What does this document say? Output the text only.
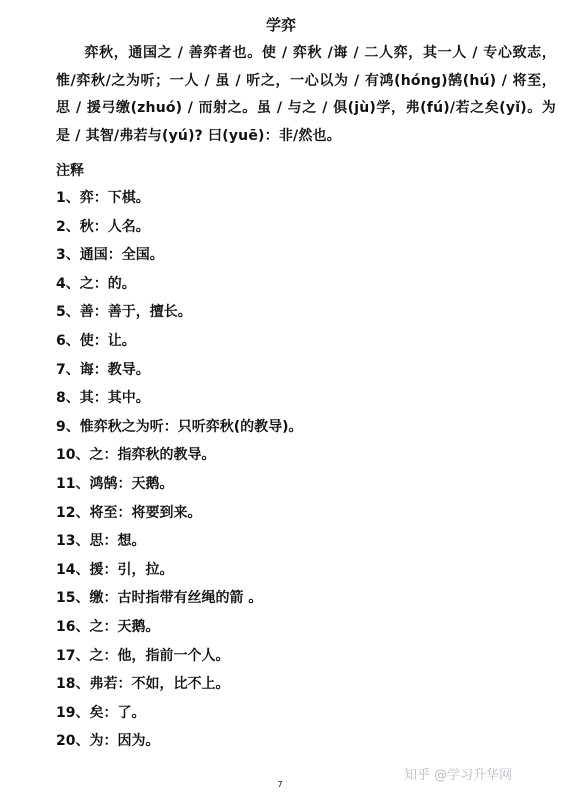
学弈
弈秋，通国之 / 善弈者也。使 / 弈秋 /诲 / 二人弈，其一人 / 专心致志，惟/弈秋/之为听；一人 / 虽 / 听之，一心以为 / 有鸿(hóng)鹄(hú) / 将至，思 / 援弓缴(zhuó) / 而射之。虽 / 与之 / 俱(jù)学，弗(fú)/若之矣(yǐ)。为是 / 其智/弗若与(yú)? 曰(yuē)：非/然也。
注释
1、弈：下棋。
2、秋：人名。
3、通国：全国。
4、之：的。
5、善：善于，擅长。
6、使：让。
7、诲：教导。
8、其：其中。
9、惟弈秋之为听：只听弈秋(的教导)。
10、之：指弈秋的教导。
11、鸿鹄：天鹅。
12、将至：将要到来。
13、思：想。
14、援：引，拉。
15、缴：古时指带有丝绳的箭 。
16、之：天鹅。
17、之：他，指前一个人。
18、弗若：不如，比不上。
19、矣：了。
20、为：因为。
知乎 @学习升华网
7
